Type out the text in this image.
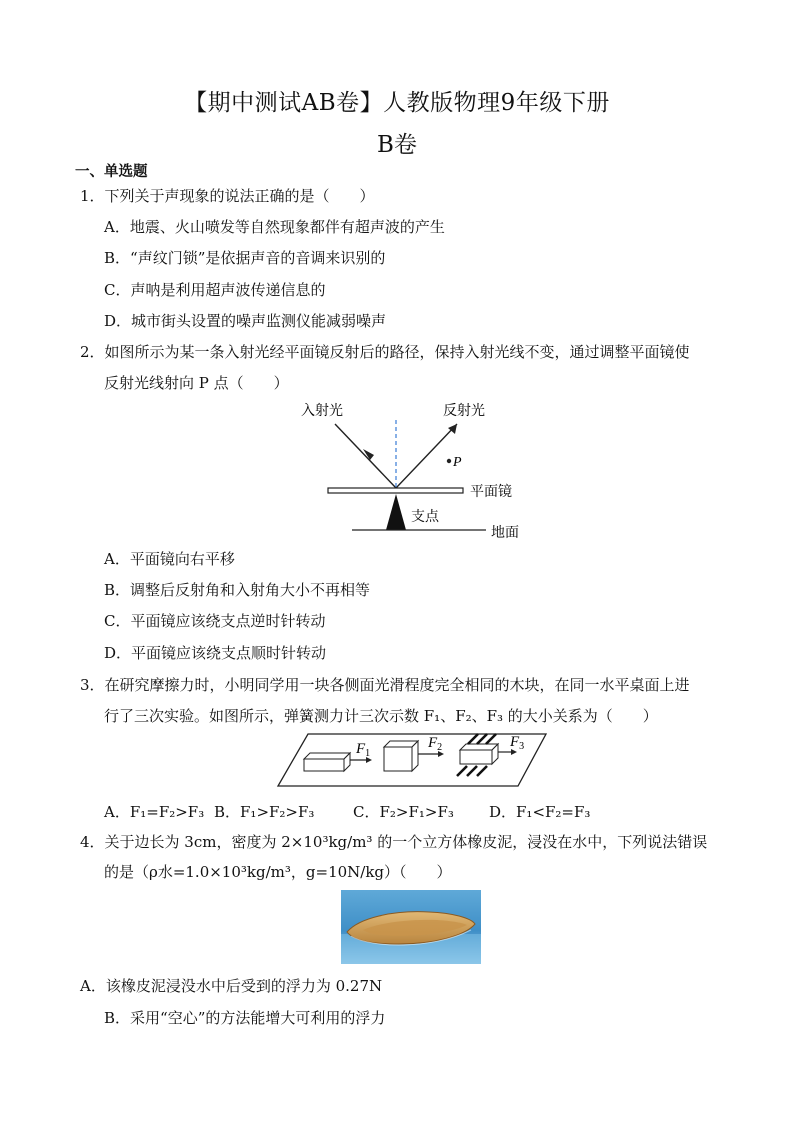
【期中测试AB卷】人教版物理9年级下册
B卷
一、单选题
1．下列关于声现象的说法正确的是（　　）
A．地震、火山喷发等自然现象都伴有超声波的产生
B．“声纹门锁”是依据声音的音调来识别的
C．声呐是利用超声波传递信息的
D．城市街头设置的噪声监测仪能减弱噪声
2．如图所示为某一条入射光经平面镜反射后的路径，保持入射光线不变，通过调整平面镜使
反射光线射向 P 点（　　）
入射光	反射光
P
平面镜
支点
地面
A．平面镜向右平移
B．调整后反射角和入射角大小不再相等
C．平面镜应该绕支点逆时针转动
D．平面镜应该绕支点顺时针转动
3．在研究摩擦力时，小明同学用一块各侧面光滑程度完全相同的木块，在同一水平桌面上进
行了三次实验。如图所示，弹簧测力计三次示数 F₁、F₂、F₃ 的大小关系为（　　）
$F_1$
$F_2$	$F_3$
A．F₁=F₂>F₃ B．F₁>F₂>F₃	C．F₂>F₁>F₃ D．F₁<F₂=F₃
4．关于边长为 3cm，密度为 2×10³kg/m³ 的一个立方体橡皮泥，浸没在水中，下列说法错误
的是（ρ水=1.0×10³kg/m³，g=10N/kg）（　　）
A．该橡皮泥浸没水中后受到的浮力为 0.27N
B．采用“空心”的方法能增大可利用的浮力
